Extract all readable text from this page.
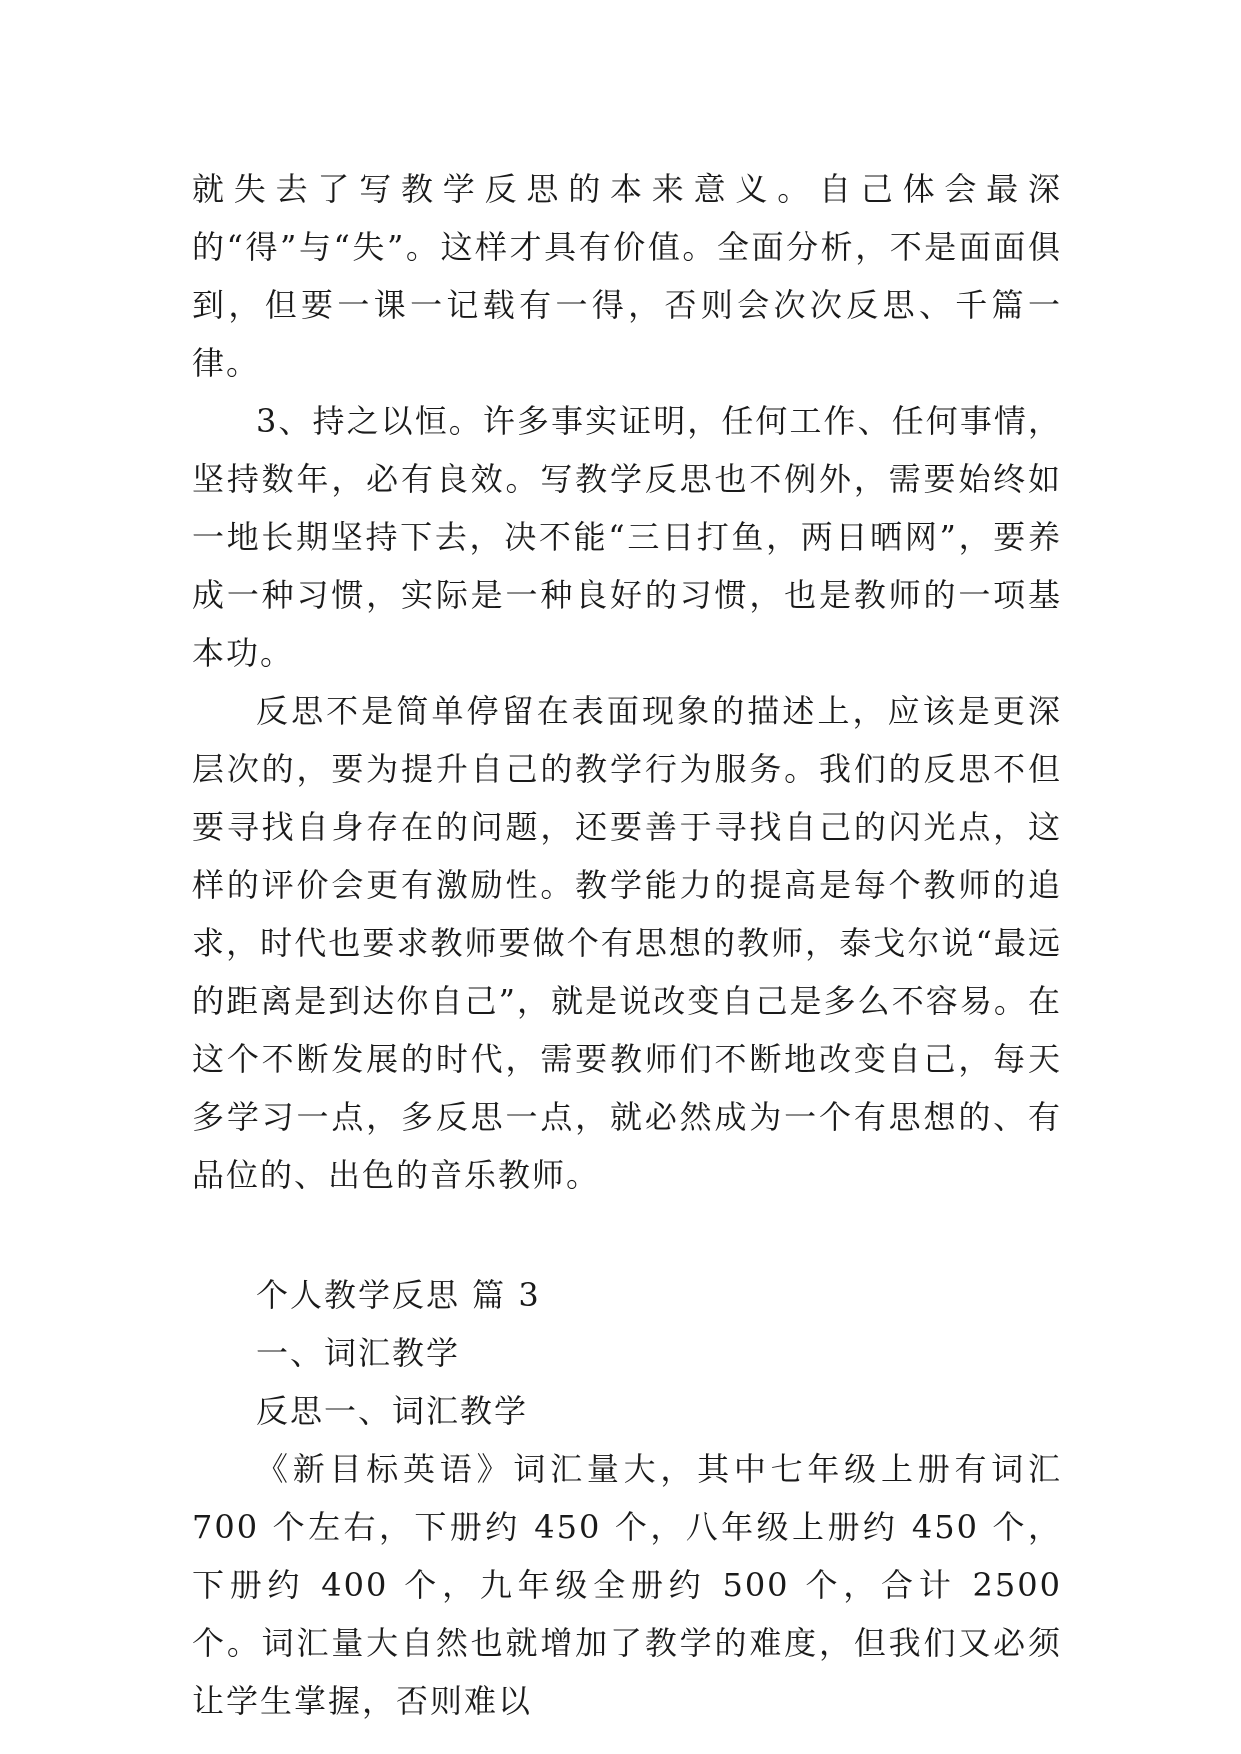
就失去了写教学反思的本来意义。自己体会最深的“得”与“失”。这样才具有价值。全面分析，不是面面俱到，但要一课一记载有一得，否则会次次反思、千篇一律。

3、持之以恒。许多事实证明，任何工作、任何事情，坚持数年，必有良效。写教学反思也不例外，需要始终如一地长期坚持下去，决不能“三日打鱼，两日晒网”，要养成一种习惯，实际是一种良好的习惯，也是教师的一项基本功。

反思不是简单停留在表面现象的描述上，应该是更深层次的，要为提升自己的教学行为服务。我们的反思不但要寻找自身存在的问题，还要善于寻找自己的闪光点，这样的评价会更有激励性。教学能力的提高是每个教师的追求，时代也要求教师要做个有思想的教师，泰戈尔说“最远的距离是到达你自己”，就是说改变自己是多么不容易。在这个不断发展的时代，需要教师们不断地改变自己，每天多学习一点，多反思一点，就必然成为一个有思想的、有品位的、出色的音乐教师。

个人教学反思 篇 3

一、词汇教学

反思一、词汇教学

《新目标英语》词汇量大，其中七年级上册有词汇 700 个左右，下册约 450 个，八年级上册约 450 个，下册约 400 个，九年级全册约 500 个，合计 2500 个。词汇量大自然也就增加了教学的难度，但我们又必须让学生掌握，否则难以
